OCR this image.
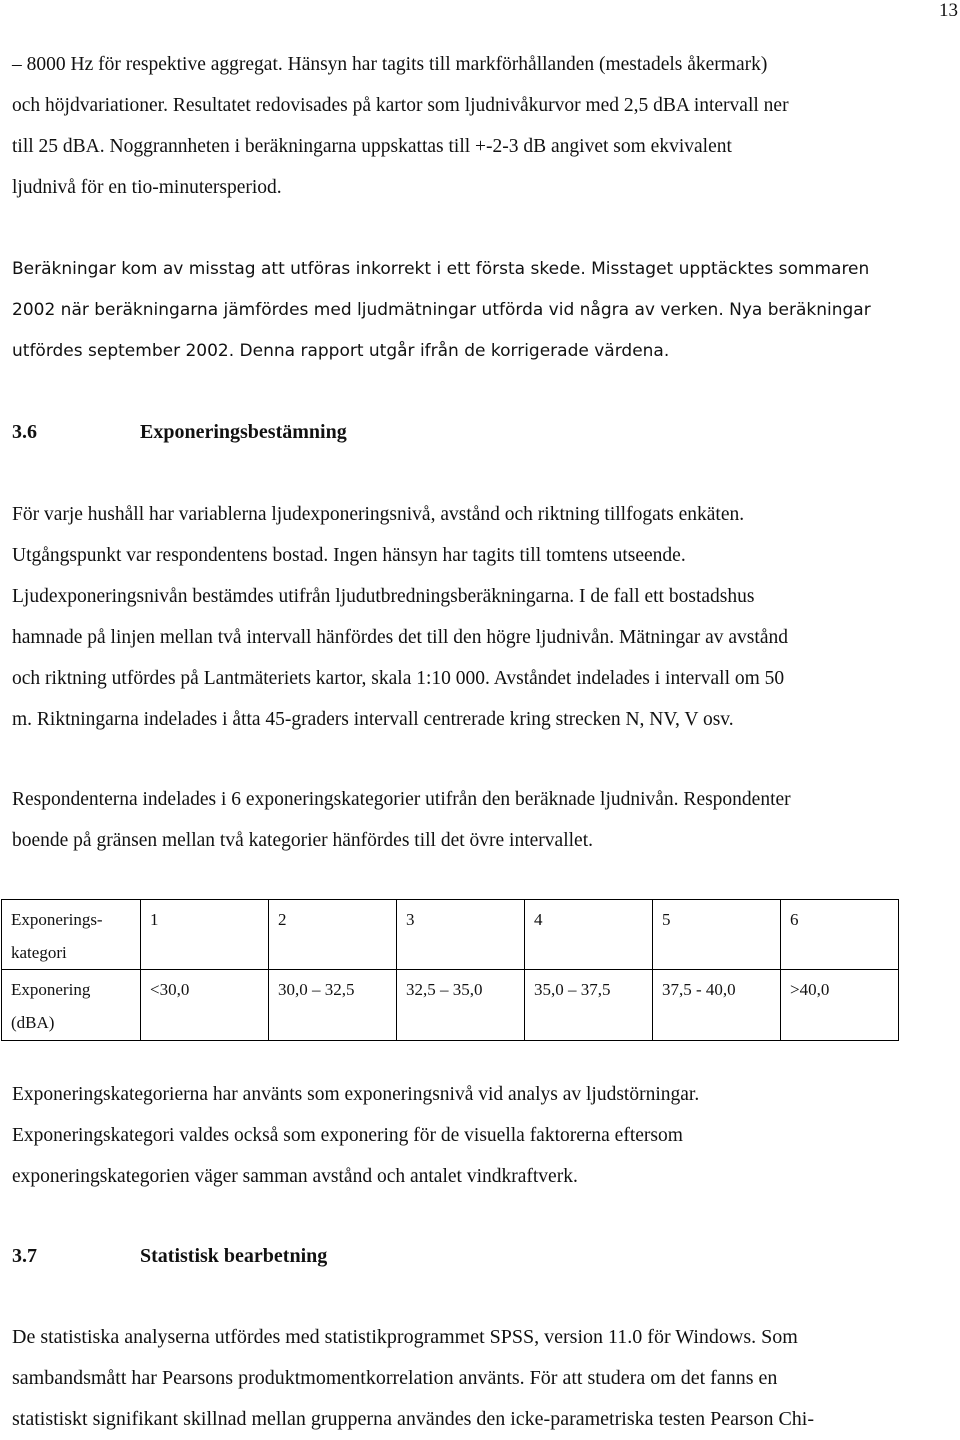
13
– 8000 Hz för respektive aggregat. Hänsyn har tagits till markförhållanden (mestadels åkermark)
och höjdvariationer. Resultatet redovisades på kartor som ljudnivåkurvor med 2,5 dBA intervall ner
till 25 dBA. Noggrannheten i beräkningarna uppskattas till +-2-3 dB angivet som ekvivalent
ljudnivå för en tio-minutersperiod.
Beräkningar kom av misstag att utföras inkorrekt i ett första skede. Misstaget upptäcktes sommaren
2002 när beräkningarna jämfördes med ljudmätningar utförda vid några av verken. Nya beräkningar
utfördes september 2002. Denna rapport utgår ifrån de korrigerade värdena.
3.6	Exponeringsbestämning
För varje hushåll har variablerna ljudexponeringsnivå, avstånd och riktning tillfogats enkäten.
Utgångspunkt var respondentens bostad. Ingen hänsyn har tagits till tomtens utseende.
Ljudexponeringsnivån bestämdes utifrån ljudutbredningsberäkningarna. I de fall ett bostadshus
hamnade på linjen mellan två intervall hänfördes det till den högre ljudnivån. Mätningar av avstånd
och riktning utfördes på Lantmäteriets kartor, skala 1:10 000. Avståndet indelades i intervall om 50
m. Riktningarna indelades i åtta 45-graders intervall centrerade kring strecken N, NV, V osv.
Respondenterna indelades i 6 exponeringskategorier utifrån den beräknade ljudnivån. Respondenter
boende på gränsen mellan två kategorier hänfördes till det övre intervallet.
Exponerings-
kategori	1	2	3	4	5	6
Exponering
(dBA)	<30,0	30,0 – 32,5	32,5 – 35,0	35,0 – 37,5	37,5 - 40,0	>40,0
Exponeringskategorierna har använts som exponeringsnivå vid analys av ljudstörningar.
Exponeringskategori valdes också som exponering för de visuella faktorerna eftersom
exponeringskategorien väger samman avstånd och antalet vindkraftverk.
3.7	Statistisk bearbetning
De statistiska analyserna utfördes med statistikprogrammet SPSS, version 11.0 för Windows. Som
sambandsmått har Pearsons produktmomentkorrelation använts. För att studera om det fanns en
statistiskt signifikant skillnad mellan grupperna användes den icke-parametriska testen Pearson Chi-
